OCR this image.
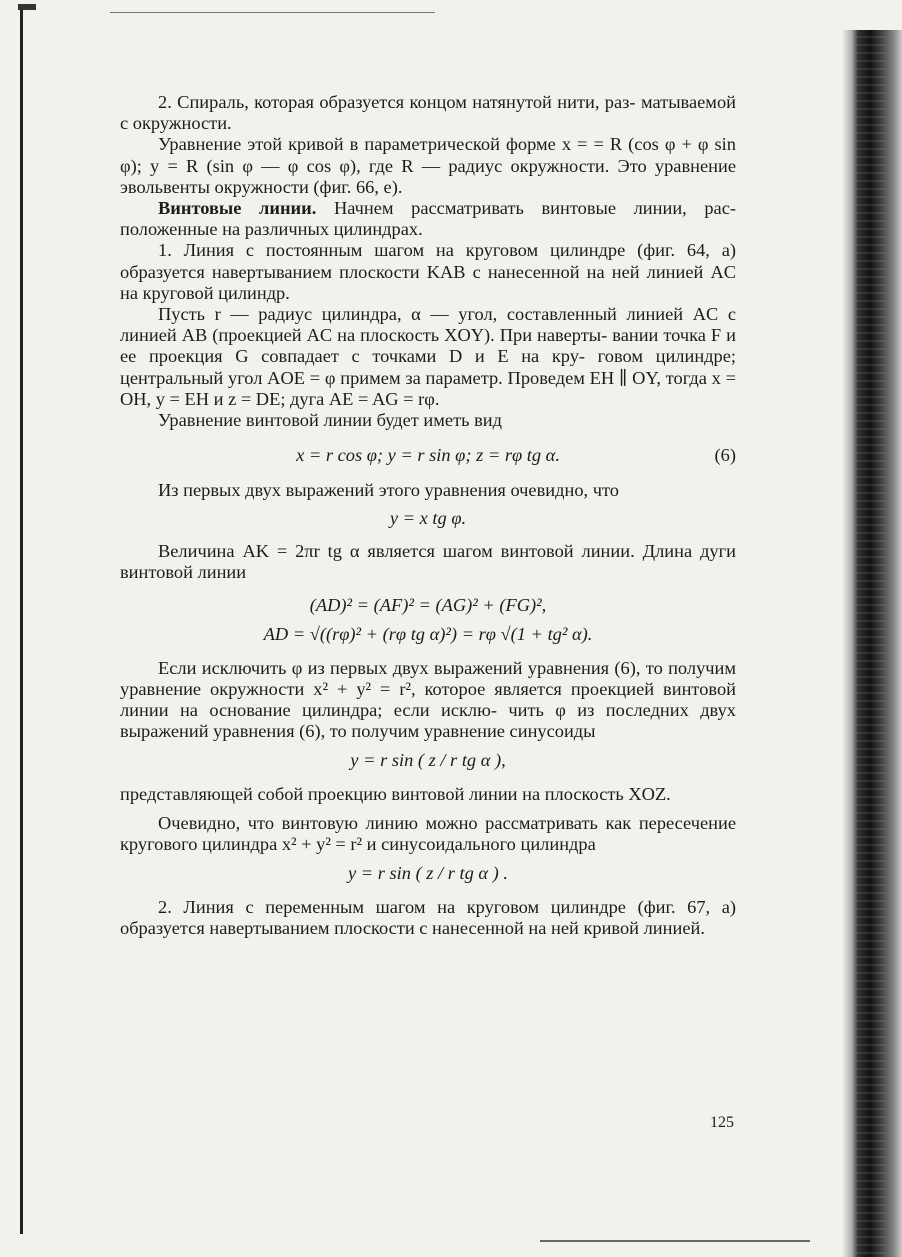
2. Спираль, которая образуется концом натянутой нити, раз- матываемой с окружности.

Уравнение этой кривой в параметрической форме x = = R (cos φ + φ sin φ); y = R (sin φ — φ cos φ), где R — радиус окружности. Это уравнение эвольвенты окружности (фиг. 66, е).

Винтовые линии. Начнем рассматривать винтовые линии, рас- положенные на различных цилиндрах.

1. Линия с постоянным шагом на круговом цилиндре (фиг. 64, а) образуется навертыванием плоскости KAB с нанесенной на ней линией AC на круговой цилиндр.

Пусть r — радиус цилиндра, α — угол, составленный линией AC с линией AB (проекцией AC на плоскость XOY). При наверты- вании точка F и ее проекция G совпадает с точками D и E на кру- говом цилиндре; центральный угол AOE = φ примем за параметр. Проведем EH ∥ OY, тогда x = OH, y = EH и z = DE; дуга AE = AG = rφ.

Уравнение винтовой линии будет иметь вид

x = r cos φ; y = r sin φ; z = rφ tg α.	(6)

Из первых двух выражений этого уравнения очевидно, что

y = x tg φ.

Величина AK = 2πr tg α является шагом винтовой линии. Длина дуги винтовой линии

(AD)² = (AF)² = (AG)² + (FG)²,

AD = √((rφ)² + (rφ tg α)²) = rφ √(1 + tg² α).

Если исключить φ из первых двух выражений уравнения (6), то получим уравнение окружности x² + y² = r², которое является проекцией винтовой линии на основание цилиндра; если исклю- чить φ из последних двух выражений уравнения (6), то получим уравнение синусоиды

y = r sin ( z / r tg α ),

представляющей собой проекцию винтовой линии на плоскость XOZ.

Очевидно, что винтовую линию можно рассматривать как пересечение кругового цилиндра x² + y² = r² и синусоидального цилиндра

y = r sin ( z / r tg α ) .

2. Линия с переменным шагом на круговом цилиндре (фиг. 67, а) образуется навертыванием плоскости с нанесенной на ней кривой линией.

125
